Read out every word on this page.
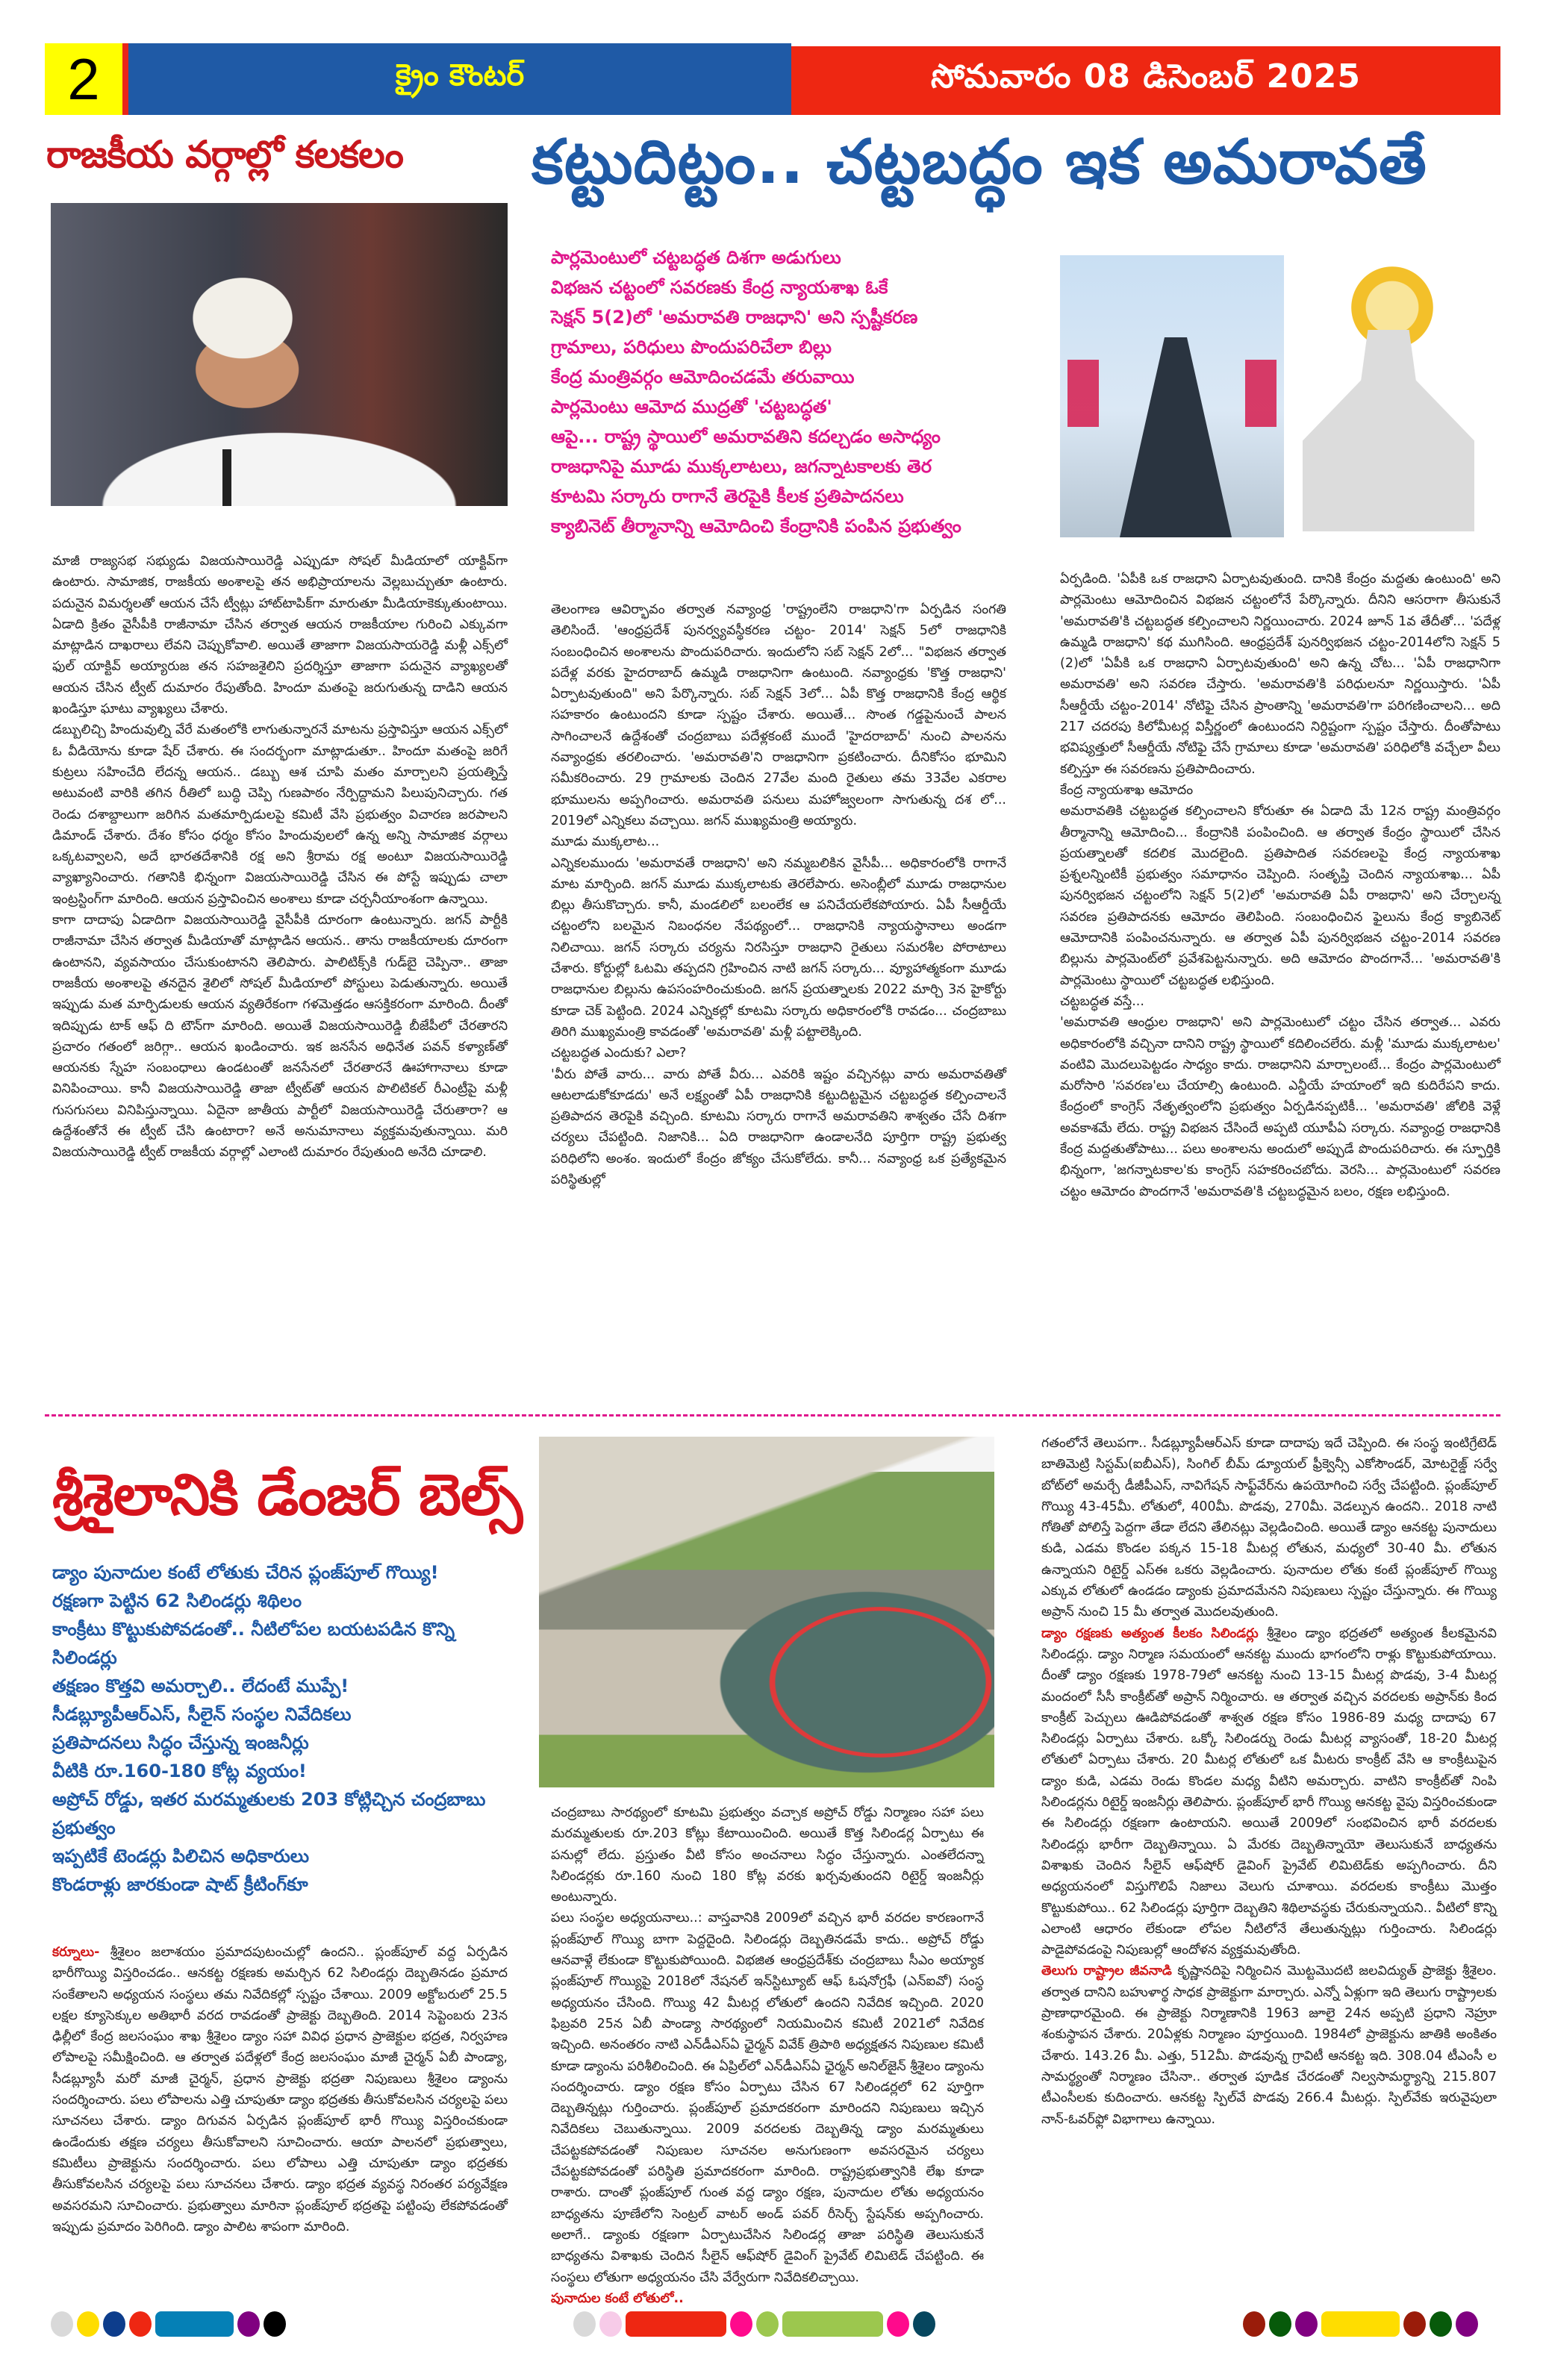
2	క్రైం కౌంటర్	సోమవారం 08 డిసెంబర్ 2025
రాజకీయ వర్గాల్లో కలకలం	కట్టుదిట్టం.. చట్టబద్ధం ఇక అమరావతే
పార్లమెంటులో చట్టబద్ధత దిశగా అడుగులు
విభజన చట్టంలో సవరణకు కేంద్ర న్యాయశాఖ ఓకే
సెక్షన్ 5(2)లో 'అమరావతి రాజధాని' అని స్పష్టీకరణ
గ్రామాలు, పరిధులు పొందుపరిచేలా బిల్లు
కేంద్ర మంత్రివర్గం ఆమోదించడమే తరువాయి
పార్లమెంటు ఆమోద ముద్రతో 'చట్టబద్ధత'
ఆపై... రాష్ట్ర స్థాయిలో అమరావతిని కదల్చడం అసాధ్యం
రాజధానిపై మూడు ముక్కలాటలు, జగన్నాటకాలకు తెర
కూటమి సర్కారు రాగానే తెరపైకి కీలక ప్రతిపాదనలు
క్యాబినెట్ తీర్మానాన్ని ఆమోదించి కేంద్రానికి పంపిన ప్రభుత్వం

మాజీ రాజ్యసభ సభ్యుడు విజయసాయిరెడ్డి ఎప్పుడూ సోషల్ మీడియాలో యాక్టివ్‌గా ఉంటారు. సామాజిక, రాజకీయ అంశాలపై తన అభిప్రాయాలను వెల్లబుచ్చుతూ ఉంటారు. పదునైన విమర్శలతో ఆయన చేసే ట్వీట్లు హాట్‌టాపిక్‌గా మారుతూ మీడియాకెక్కుతుంటాయి. ఏడాది క్రితం వైసీపీకి రాజీనామా చేసిన తర్వాత ఆయన రాజకీయాల గురించి ఎక్కువగా మాట్లాడిన దాఖరాలు లేవని చెప్పుకోవాలి. అయితే తాజాగా విజయసాయరెడ్డి మళ్లీ ఎక్స్‌లో ఫుల్ యాక్టివ్ అయ్యారుజ తన సహజశైలిని ప్రదర్శిస్తూ తాజాగా పదునైన వ్యాఖ్యలతో ఆయన చేసిన ట్వీట్ దుమారం రేపుతోంది. హిందూ మతంపై జరుగుతున్న దాడిని ఆయన ఖండిస్తూ ఘాటు వ్యాఖ్యలు చేశారు.

డబ్బులిచ్చి హిందువుల్ని వేరే మతంలోకి లాగుతున్నారనే మాటను ప్రస్తావిస్తూ ఆయన ఎక్స్‌లో ఓ వీడియోను కూడా షేర్ చేశారు. ఈ సందర్భంగా మాట్లాడుతూ.. హిందూ మతంపై జరిగే కుట్రలు సహించేది లేదన్న ఆయన.. డబ్బు ఆశ చూపి మతం మార్చాలని ప్రయత్నిస్తే అటువంటి వారికి తగిన రీతిలో బుద్ధి చెప్పి గుణపాఠం నేర్పిద్దామని పిలుపునిచ్చారు. గత రెండు దశాబ్దాలుగా జరిగిన మతమార్పిడులపై కమిటీ వేసి ప్రభుత్వం విచారణ జరపాలని డిమాండ్ చేశారు. దేశం కోసం ధర్మం కోసం హిందువులలో ఉన్న అన్ని సామాజిక వర్గాలు ఒక్కటవ్వాలని, అదే భారతదేశానికి రక్ష అని శ్రీరామ రక్ష అంటూ విజయసాయిరెడ్డి వ్యాఖ్యానించారు. గతానికి భిన్నంగా విజయసాయిరెడ్డి చేసిన ఈ పోస్టే ఇప్పుడు చాలా ఇంట్రస్టింగ్‌గా మారింది. ఆయన ప్రస్తావించిన అంశాలు కూడా చర్చనీయాంశంగా ఉన్నాయి.

కాగా దాదాపు ఏడాదిగా విజయసాయిరెడ్డి వైసీపీకి దూరంగా ఉంటున్నారు. జగన్ పార్టీకి రాజీనామా చేసిన తర్వాత మీడియాతో మాట్లాడిన ఆయన.. తాను రాజకీయాలకు దూరంగా ఉంటానని, వ్యవసాయం చేసుకుంటానని తెలిపారు. పాలిటిక్స్‌కి గుడ్‌బై చెప్పినా.. తాజా రాజకీయ అంశాలపై తనదైన శైలిలో సోషల్ మీడియాలో పోస్టులు పెడుతున్నారు. అయితే ఇప్పుడు మత మార్పిడులకు ఆయన వ్యతిరేకంగా గళమెత్తడం ఆసక్తికరంగా మారింది. దీంతో ఇదిప్పుడు టాక్ ఆఫ్ ది టౌన్‌గా మారింది. అయితే విజయసాయిరెడ్డి బీజేపీలో చేరతారని ప్రచారం గతంలో జరిగ్గా.. ఆయన ఖండించారు. ఇక జనసేన అధినేత పవన్ కళ్యాణ్‌తో ఆయనకు స్నేహ సంబంధాలు ఉండటంతో జనసేనలో చేరతారనే ఊహాగానాలు కూడా వినిపించాయి. కానీ విజయసాయిరెడ్డి తాజా ట్వీట్‌తో ఆయన పొలిటికల్ రీఎంట్రీపై మళ్లీ గుసగుసలు వినిపిస్తున్నాయి. ఏదైనా జాతీయ పార్టీలో విజయసాయిరెడ్డి చేరుతారా? ఆ ఉద్దేశంతోనే ఈ ట్వీట్ చేసి ఉంటారా? అనే అనుమానాలు వ్యక్తమవుతున్నాయి. మరి విజయసాయిరెడ్డి ట్వీట్ రాజకీయ వర్గాల్లో ఎలాంటి దుమారం రేపుతుంది అనేది చూడాలి.

తెలంగాణ ఆవిర్భావం తర్వాత నవ్యాంధ్ర 'రాష్ట్రంలేని రాజధాని'గా ఏర్పడిన సంగతి తెలిసిందే. 'ఆంధ్రప్రదేశ్ పునర్వ్యవస్థీకరణ చట్టం- 2014' సెక్షన్ 5లో రాజధానికి సంబంధించిన అంశాలను పొందుపరిచారు. ఇందులోని సబ్ సెక్షన్ 2లో... "విభజన తర్వాత పదేళ్ల వరకు హైదరాబాద్ ఉమ్మడి రాజధానిగా ఉంటుంది. నవ్యాంధ్రకు 'కొత్త రాజధాని' ఏర్పాటవుతుంది" అని పేర్కొన్నారు. సబ్ సెక్షన్ 3లో... ఏపీ కొత్త రాజధానికి కేంద్ర ఆర్థిక సహకారం ఉంటుందని కూడా స్పష్టం చేశారు. అయితే... సొంత గడ్డపైనుంచే పాలన సాగించాలనే ఉద్దేశంతో చంద్రబాబు పదేళ్లకంటే ముందే 'హైదరాబాద్' నుంచి పాలనను నవ్యాంధ్రకు తరలించారు. 'అమరావతి'ని రాజధానిగా ప్రకటించారు. దీనికోసం భూమిని సమీకరించారు. 29 గ్రామాలకు చెందిన 27వేల మంది రైతులు తమ 33వేల ఎకరాల భూములను అప్పగించారు. అమరావతి పనులు మహోజ్వలంగా సాగుతున్న దశ లో... 2019లో ఎన్నికలు వచ్చాయి. జగన్ ముఖ్యమంత్రి అయ్యారు.

మూడు ముక్కలాట...

ఎన్నికలముందు 'అమరావతే రాజధాని' అని నమ్మబలికిన వైసీపీ... అధికారంలోకి రాగానే మాట మార్చింది. జగన్ మూడు ముక్కలాటకు తెరలేపారు. అసెంబ్లీలో మూడు రాజధానుల బిల్లు తీసుకొచ్చారు. కానీ, మండలిలో బలంలేక ఆ పనిచేయలేకపోయారు. ఏపీ సీఆర్డీయే చట్టంలోని బలమైన నిబంధనల నేపథ్యంలో... రాజధానికి న్యాయస్థానాలు అండగా నిలిచాయి. జగన్ సర్కారు చర్యను నిరసిస్తూ రాజధాని రైతులు సమరశీల పోరాటాలు చేశారు. కోర్టుల్లో ఓటమి తప్పదని గ్రహించిన నాటి జగన్ సర్కారు... వ్యూహాత్మకంగా మూడు రాజధానుల బిల్లును ఉపసంహరించుకుంది. జగన్ ప్రయత్నాలకు 2022 మార్చి 3న హైకోర్టు కూడా చెక్ పెట్టింది. 2024 ఎన్నికల్లో కూటమి సర్కారు అధికారంలోకి రావడం... చంద్రబాబు తిరిగి ముఖ్యమంత్రి కావడంతో 'అమరావతి' మళ్లీ పట్టాలెక్కింది.

చట్టబద్ధత ఎందుకు? ఎలా?

'వీరు పోతే వారు... వారు పోతే వీరు... ఎవరికి ఇష్టం వచ్చినట్లు వారు అమరావతితో ఆటలాడుకోకూడదు' అనే లక్ష్యంతో ఏపీ రాజధానికి కట్టుదిట్టమైన చట్టబద్ధత కల్పించాలనే ప్రతిపాదన తెరపైకి వచ్చింది. కూటమి సర్కారు రాగానే అమరావతిని శాశ్వతం చేసే దిశగా చర్యలు చేపట్టింది. నిజానికి... ఏది రాజధానిగా ఉండాలనేది పూర్తిగా రాష్ట్ర ప్రభుత్వ పరిధిలోని అంశం. ఇందులో కేంద్రం జోక్యం చేసుకోలేదు. కానీ... నవ్యాంధ్ర ఒక ప్రత్యేకమైన పరిస్థితుల్లో

ఏర్పడింది. 'ఏపీకి ఒక రాజధాని ఏర్పాటవుతుంది. దానికి కేంద్రం మద్దతు ఉంటుంది' అని పార్లమెంటు ఆమోదించిన విభజన చట్టంలోనే పేర్కొన్నారు. దీనిని ఆసరాగా తీసుకునే 'అమరావతి'కి చట్టబద్ధత కల్పించాలని నిర్ణయించారు. 2024 జూన్ 1వ తేదీతో... 'పదేళ్ల ఉమ్మడి రాజధాని' కథ ముగిసింది. ఆంధ్రప్రదేశ్ పునర్విభజన చట్టం-2014లోని సెక్షన్ 5 (2)లో 'ఏపీకి ఒక రాజధాని ఏర్పాటవుతుంది' అని ఉన్న చోట... 'ఏపీ రాజధానిగా అమరావతి' అని సవరణ చేస్తారు. 'అమరావతి'కి పరిధులనూ నిర్ణయిస్తారు. 'ఏపీ సీఆర్డీయే చట్టం-2014' నోటిఫై చేసిన ప్రాంతాన్ని 'అమరావతి'గా పరిగణించాలని... అది 217 చదరపు కిలోమీటర్ల విస్తీర్ణంలో ఉంటుందని నిర్దిష్టంగా స్పష్టం చేస్తారు. దీంతోపాటు భవిష్యత్తులో సీఆర్డీయే నోటిఫై చేసే గ్రామాలు కూడా 'అమరావతి' పరిధిలోకి వచ్చేలా వీలు కల్పిస్తూ ఈ సవరణను ప్రతిపాదించారు.

కేంద్ర న్యాయశాఖ ఆమోదం

అమరావతికి చట్టబద్ధత కల్పించాలని కోరుతూ ఈ ఏడాది మే 12న రాష్ట్ర మంత్రివర్గం తీర్మానాన్ని ఆమోదించి... కేంద్రానికి పంపించింది. ఆ తర్వాత కేంద్రం స్థాయిలో చేసిన ప్రయత్నాలతో కదలిక మొదలైంది. ప్రతిపాదిత సవరణలపై కేంద్ర న్యాయశాఖ ప్రశ్నలన్నింటికీ ప్రభుత్వం సమాధానం చెప్పింది. సంతృప్తి చెందిన న్యాయశాఖ... ఏపీ పునర్విభజన చట్టంలోని సెక్షన్ 5(2)లో 'అమరావతి ఏపీ రాజధాని' అని చేర్చాలన్న సవరణ ప్రతిపాదనకు ఆమోదం తెలిపింది. సంబంధించిన ఫైలును కేంద్ర క్యాబినెట్ ఆమోదానికి పంపించనున్నారు. ఆ తర్వాత ఏపీ పునర్విభజన చట్టం-2014 సవరణ బిల్లును పార్లమెంట్‌లో ప్రవేశపెట్టనున్నారు. అది ఆమోదం పొందగానే... 'అమరావతి'కి పార్లమెంటు స్థాయిలో చట్టబద్ధత లభిస్తుంది.

చట్టబద్ధత వస్తే...

'అమరావతి ఆంధ్రుల రాజధాని' అని పార్లమెంటులో చట్టం చేసిన తర్వాత... ఎవరు అధికారంలోకి వచ్చినా దానిని రాష్ట్ర స్థాయిలో కదిలించలేరు. మళ్లీ 'మూడు ముక్కలాటల' వంటివి మొదలుపెట్టడం సాధ్యం కాదు. రాజధానిని మార్చాలంటే... కేంద్రం పార్లమెంటులో మరోసారి 'సవరణ'లు చేయాల్సి ఉంటుంది. ఎన్డీయే హయాంలో ఇది కుదిరేపని కాదు. కేంద్రంలో కాంగ్రెస్ నేతృత్వంలోని ప్రభుత్వం ఏర్పడినప్పటికీ... 'అమరావతి' జోలికి వెళ్లే అవకాశమే లేదు. రాష్ట్ర విభజన చేసిందే అప్పటి యూపీఏ సర్కారు. నవ్యాంధ్ర రాజధానికి కేంద్ర మద్దతుతోపాటు... పలు అంశాలను అందులో అప్పుడే పొందుపరిచారు. ఈ స్ఫూర్తికి భిన్నంగా, 'జగన్నాటకాల'కు కాంగ్రెస్ సహకరించబోదు. వెరసి... పార్లమెంటులో సవరణ చట్టం ఆమోదం పొందగానే 'అమరావతి'కి చట్టబద్ధమైన బలం, రక్షణ లభిస్తుంది.

శ్రీశైలానికి డేంజర్ బెల్స్
డ్యాం పునాదుల కంటే లోతుకు చేరిన ప్లంజ్‌పూల్ గొయ్యి!
రక్షణగా పెట్టిన 62 సిలిండర్లు శిథిలం
కాంక్రీటు కొట్టుకుపోవడంతో.. నీటిలోపల బయటపడిన కొన్ని సిలిండర్లు
తక్షణం కొత్తవి అమర్చాలి.. లేదంటే ముప్పే!
సీడబ్ల్యూపీఆర్ఎస్, సీలైన్ సంస్థల నివేదికలు
ప్రతిపాదనలు సిద్ధం చేస్తున్న ఇంజనీర్లు
వీటికి రూ.160-180 కోట్ల వ్యయం!
అప్రోచ్ రోడ్డు, ఇతర మరమ్మతులకు 203 కోట్లిచ్చిన చంద్రబాబు ప్రభుత్వం
ఇప్పటికే టెండర్లు పిలిచిన అధికారులు
కొండరాళ్లు జారకుండా షాట్ క్రీటింగ్‌కూ

కర్నూలు- శ్రీశైలం జలాశయం ప్రమాదపుటంచుల్లో ఉందని.. ప్లంజ్‌పూల్ వద్ద ఏర్పడిన భారీగొయ్యి విస్తరించడం.. ఆనకట్ట రక్షణకు అమర్చిన 62 సిలిండర్లు దెబ్బతినడం ప్రమాద సంకేతాలని అధ్యయన సంస్థలు తమ నివేదికల్లో స్పష్టం చేశాయి. 2009 అక్టోబరులో 25.5 లక్షల క్యూసెక్కుల అతిభారీ వరద రావడంతో ప్రాజెక్టు దెబ్బతింది. 2014 సెప్టెంబరు 23న ఢిల్లీలో కేంద్ర జలసంఘం శాఖ శ్రీశైలం డ్యాం సహా వివిధ ప్రధాన ప్రాజెక్టుల భద్రత, నిర్వహణ లోపాలపై సమీక్షించింది. ఆ తర్వాత పదేళ్లలో కేంద్ర జలసంఘం మాజీ చైర్మన్ ఏబీ పాండ్యా, సీడబ్ల్యూసీ మరో మాజీ చైర్మన్, ప్రధాన ప్రాజెక్టు భద్రతా నిపుణులు శ్రీశైలం డ్యాంను సందర్శించారు. పలు లోపాలను ఎత్తి చూపుతూ డ్యాం భద్రతకు తీసుకోవలసిన చర్యలపై పలు సూచనలు చేశారు. డ్యాం దిగువన ఏర్పడిన ప్లంజ్‌పూల్ భారీ గొయ్యి విస్తరించకుండా ఉండేందుకు తక్షణ చర్యలు తీసుకోవాలని సూచించారు. ఆయా పాలనలో ప్రభుత్వాలు, కమిటీలు ప్రాజెక్టును సందర్శించారు. పలు లోపాలు ఎత్తి చూపుతూ డ్యాం భద్రతకు తీసుకోవలసిన చర్యలపై పలు సూచనలు చేశారు. డ్యాం భద్రత వ్యవస్థ నిరంతర పర్యవేక్షణ అవసరమని సూచించారు. ప్రభుత్వాలు మారినా ప్లంజ్‌పూల్ భద్రతపై పట్టింపు లేకపోవడంతో ఇప్పుడు ప్రమాదం పెరిగింది. డ్యాం పాలిట శాపంగా మారింది.

చంద్రబాబు సారథ్యంలో కూటమి ప్రభుత్వం వచ్చాక అప్రోచ్ రోడ్డు నిర్మాణం సహా పలు మరమ్మతులకు రూ.203 కోట్లు కేటాయించింది. అయితే కొత్త సిలిండర్ల ఏర్పాటు ఈ పనుల్లో లేదు. ప్రస్తుతం వీటి కోసం అంచనాలు సిద్ధం చేస్తున్నారు. ఎంతలేదన్నా సిలిండర్లకు రూ.160 నుంచి 180 కోట్ల వరకు ఖర్చవుతుందని రిటైర్డ్ ఇంజనీర్లు అంటున్నారు.

పలు సంస్థల అధ్యయనాలు..: వాస్తవానికి 2009లో వచ్చిన భారీ వరదల కారణంగానే ప్లంజ్‌పూల్ గొయ్యి బాగా పెద్దదైంది. సిలిండర్లు దెబ్బతినడమే కాదు.. అప్రోచ్ రోడ్డు ఆనవాళ్లే లేకుండా కొట్టుకుపోయింది. విభజిత ఆంధ్రప్రదేశ్‌కు చంద్రబాబు సీఎం అయ్యాక ప్లంజ్‌పూల్ గొయ్యిపై 2018లో నేషనల్ ఇన్‌స్టిట్యూట్ ఆఫ్ ఓషనోగ్రఫీ (ఎన్ఐవో) సంస్థ అధ్యయనం చేసింది. గొయ్యి 42 మీటర్ల లోతులో ఉందని నివేదిక ఇచ్చింది. 2020 ఫిబ్రవరి 25న ఏబీ పాండ్యా సారథ్యంలో నియమించిన కమిటీ 2021లో నివేదిక ఇచ్చింది. అనంతరం నాటి ఎన్‌డీఎస్ఏ ఛైర్మన్ వివేక్ త్రిపాఠి అధ్యక్షతన నిపుణుల కమిటీ కూడా డ్యాంను పరిశీలించింది. ఈ ఏప్రిల్‌లో ఎన్‌డీఎస్ఏ ఛైర్మన్ అనిల్‌జైన్ శ్రీశైలం డ్యాంను సందర్శించారు. డ్యాం రక్షణ కోసం ఏర్పాటు చేసిన 67 సిలిండర్లలో 62 పూర్తిగా దెబ్బతిన్నట్లు గుర్తించారు. ప్లంజ్‌పూల్ ప్రమాదకరంగా మారిందని నిపుణులు ఇచ్చిన నివేదికలు చెబుతున్నాయి. 2009 వరదలకు దెబ్బతిన్న డ్యాం మరమ్మతులు చేపట్టకపోవడంతో నిపుణుల సూచనల అనుగుణంగా అవసరమైన చర్యలు చేపట్టకపోవడంతో పరిస్థితి ప్రమాదకరంగా మారింది. రాష్ట్రప్రభుత్వానికి లేఖ కూడా రాశారు. దాంతో ప్లంజ్‌పూల్ గుంత వద్ద డ్యాం రక్షణ, పునాదుల లోతు అధ్యయనం బాధ్యతను పూణేలోని సెంట్రల్ వాటర్ అండ్ పవర్ రీసెర్చ్ స్టేషన్‌కు అప్పగించారు. అలాగే.. డ్యాంకు రక్షణగా ఏర్పాటుచేసిన సిలిండర్ల తాజా పరిస్థితి తెలుసుకునే బాధ్యతను విశాఖకు చెందిన సీలైన్ ఆఫ్‌షోర్ డైవింగ్ ప్రైవేట్ లిమిటెడ్ చేపట్టింది. ఈ సంస్థలు లోతుగా అధ్యయనం చేసి వేర్వేరుగా నివేదికలిచ్చాయి.

పునాదుల కంటే లోతులో..

గతంలోనే తెలుపగా.. సీడబ్ల్యూపీఆర్ఎస్ కూడా దాదాపు ఇదే చెప్పింది. ఈ సంస్థ ఇంటిగ్రేటెడ్ బాతిమెట్రి సిస్టమ్(ఐబీఎస్), సింగిల్ బీమ్ డ్యూయల్ ఫ్రీక్వెన్సీ ఎకోసౌండర్, మోటరైజ్డ్ సర్వే బోట్‌లో అమర్చే డీజీపీఎస్, నావిగేషన్ సాఫ్ట్‌వేర్‌ను ఉపయోగించి సర్వే చేపట్టింది. ప్లంజ్‌పూల్ గొయ్యి 43-45మీ. లోతులో, 400మీ. పొడవు, 270మీ. వెడల్పున ఉందని.. 2018 నాటి గోతితో పోలిస్తే పెద్దగా తేడా లేదని తేలినట్లు వెల్లడించింది. అయితే డ్యాం ఆనకట్ట పునాదులు కుడి, ఎడమ కొండల పక్కన 15-18 మీటర్ల లోతున, మధ్యలో 30-40 మీ. లోతున ఉన్నాయని రిటైర్డ్ ఎస్ఈ ఒకరు వెల్లడించారు. పునాదుల లోతు కంటే ప్లంజ్‌పూల్ గొయ్యి ఎక్కువ లోతులో ఉండడం డ్యాంకు ప్రమాదమేనని నిపుణులు స్పష్టం చేస్తున్నారు. ఈ గొయ్యి అప్రాన్ నుంచి 15 మీ తర్వాత మొదలవుతుంది.

డ్యాం రక్షణకు అత్యంత కీలకం సిలిండర్లు శ్రీశైలం డ్యాం భద్రతలో అత్యంత కీలకమైనవి సిలిండర్లు. డ్యాం నిర్మాణ సమయంలో ఆనకట్ట ముందు భాగంలోని రాళ్లు కొట్టుకుపోయాయి. దీంతో డ్యాం రక్షణకు 1978-79లో ఆనకట్ట నుంచి 13-15 మీటర్ల పొడవు, 3-4 మీటర్ల మందంలో సీసీ కాంక్రీట్‌తో అప్రాన్ నిర్మించారు. ఆ తర్వాత వచ్చిన వరదలకు అప్రాన్‌కు కింద కాంక్రీట్ పెచ్చులు ఊడిపోవడంతో శాశ్వత రక్షణ కోసం 1986-89 మధ్య దాదాపు 67 సిలిండర్లు ఏర్పాటు చేశారు. ఒక్కో సిలిండర్ను రెండు మీటర్ల వ్యాసంతో, 18-20 మీటర్ల లోతులో ఏర్పాటు చేశారు. 20 మీటర్ల లోతులో ఒక మీటరు కాంక్రీట్ వేసి ఆ కాంక్రీటుపైన డ్యాం కుడి, ఎడమ రెండు కొండల మధ్య వీటిని అమర్చారు. వాటిని కాంక్రీట్‌తో నింపి సిలిండర్లను రిటైర్డ్ ఇంజనీర్లు తెలిపారు. ప్లంజ్‌పూల్ భారీ గొయ్యి ఆనకట్ట వైపు విస్తరించకుండా ఈ సిలిండర్లు రక్షణగా ఉంటాయని. అయితే 2009లో సంభవించిన భారీ వరదలకు సిలిండర్లు భారీగా దెబ్బతిన్నాయి. ఏ మేరకు దెబ్బతిన్నాయో తెలుసుకునే బాధ్యతను విశాఖకు చెందిన సీలైన్ ఆఫ్‌షోర్ డైవింగ్ ప్రైవేట్ లిమిటెడ్‌కు అప్పగించారు. దీని అధ్యయనంలో విస్తుగొలిపే నిజాలు వెలుగు చూశాయి. వరదలకు కాంక్రీటు మొత్తం కొట్టుకుపోయి.. 62 సిలిండర్లు పూర్తిగా దెబ్బతిని శిథిలావస్థకు చేరుకున్నాయని.. వీటిలో కొన్ని ఎలాంటి ఆధారం లేకుండా లోపల నీటిలోనే తేలుతున్నట్లు గుర్తించారు. సిలిండర్లు పాడైపోవడంపై నిపుణుల్లో ఆందోళన వ్యక్తమవుతోంది.

తెలుగు రాష్ట్రాల జీవనాడి కృష్ణానదిపై నిర్మించిన మొట్టమొదటి జలవిద్యుత్ ప్రాజెక్టు శ్రీశైలం. తర్వాత దానిని బహుళార్థ సాధక ప్రాజెక్టుగా మార్చారు. ఎన్నో ఏళ్లుగా ఇది తెలుగు రాష్ట్రాలకు ప్రాణాధారమైంది. ఈ ప్రాజెక్టు నిర్మాణానికి 1963 జూలై 24న అప్పటి ప్రధాని నెహ్రూ శంకుస్థాపన చేశారు. 20ఏళ్లకు నిర్మాణం పూర్తయింది. 1984లో ప్రాజెక్టును జాతికి అంకితం చేశారు. 143.26 మీ. ఎత్తు, 512మీ. పొడవున్న గ్రావిటీ ఆనకట్ట ఇది. 308.04 టీఎంసీ ల సామర్థ్యంతో నిర్మాణం చేసినా.. తర్వాత పూడిక చేరడంతో నిల్వసామర్థ్యాన్ని 215.807 టీఎంసీలకు కుదించారు. ఆనకట్ట స్పిల్‌వే పొడవు 266.4 మీటర్లు. స్పిల్‌వేకు ఇరువైపులా నాన్-ఓవర్‌ఫ్లో విభాగాలు ఉన్నాయి.
